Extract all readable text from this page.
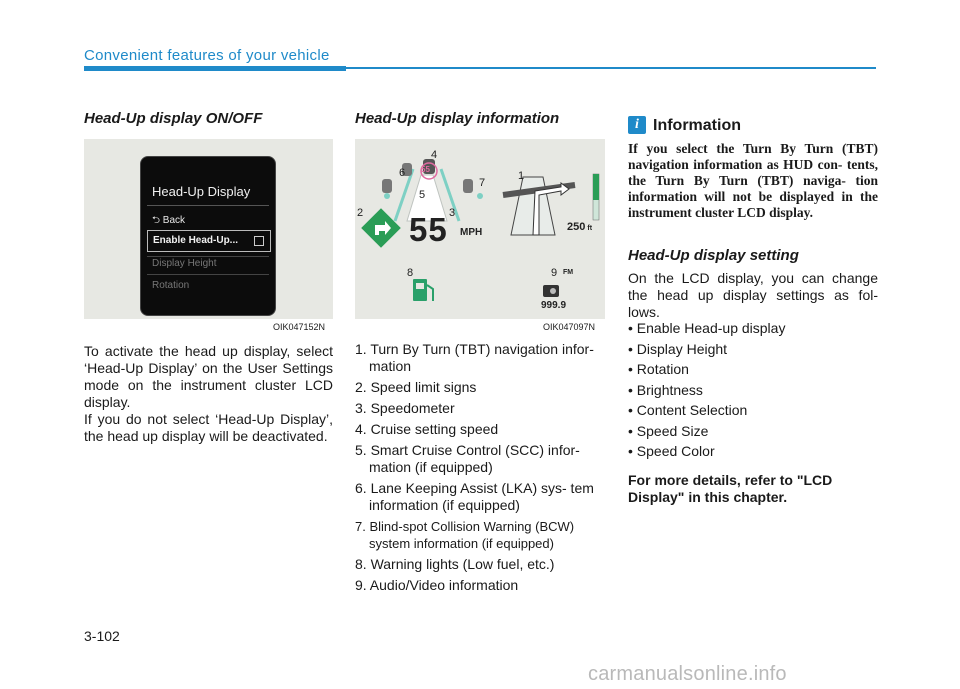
Convenient features of your vehicle
Head-Up display ON/OFF
Head-Up Display
⮌ Back
Enable Head-Up...
Display Height
Rotation
OIK047152N

To activate the head up display, select ‘Head-Up Display’ on the User Settings mode on the instrument cluster LCD display.

If you do not select ‘Head-Up Display’, the head up display will be deactivated.

Head-Up display information
55
55 MPH	250 ft
FM
999.9
1
2	3
4
5
6
7
8	9
OIK047097N
1. Turn By Turn (TBT) navigation infor- mation
2. Speed limit signs
3. Speedometer
4. Cruise setting speed
5. Smart Cruise Control (SCC) infor- mation (if equipped)
6. Lane Keeping Assist (LKA) sys- tem information (if equipped)
7. Blind-spot Collision Warning (BCW) system information (if equipped)
8. Warning lights (Low fuel, etc.)
9. Audio/Video information
i Information

If you select the Turn By Turn (TBT) navigation information as HUD con- tents, the Turn By Turn (TBT) naviga- tion information will not be displayed in the instrument cluster LCD display.

Head-Up display setting

On the LCD display, you can change the head up display settings as fol- lows.

• Enable Head-up display
• Display Height
• Rotation
• Brightness
• Content Selection
• Speed Size
• Speed Color

For more details, refer to "LCD Display" in this chapter.

3-102
carmanualsonline.info
